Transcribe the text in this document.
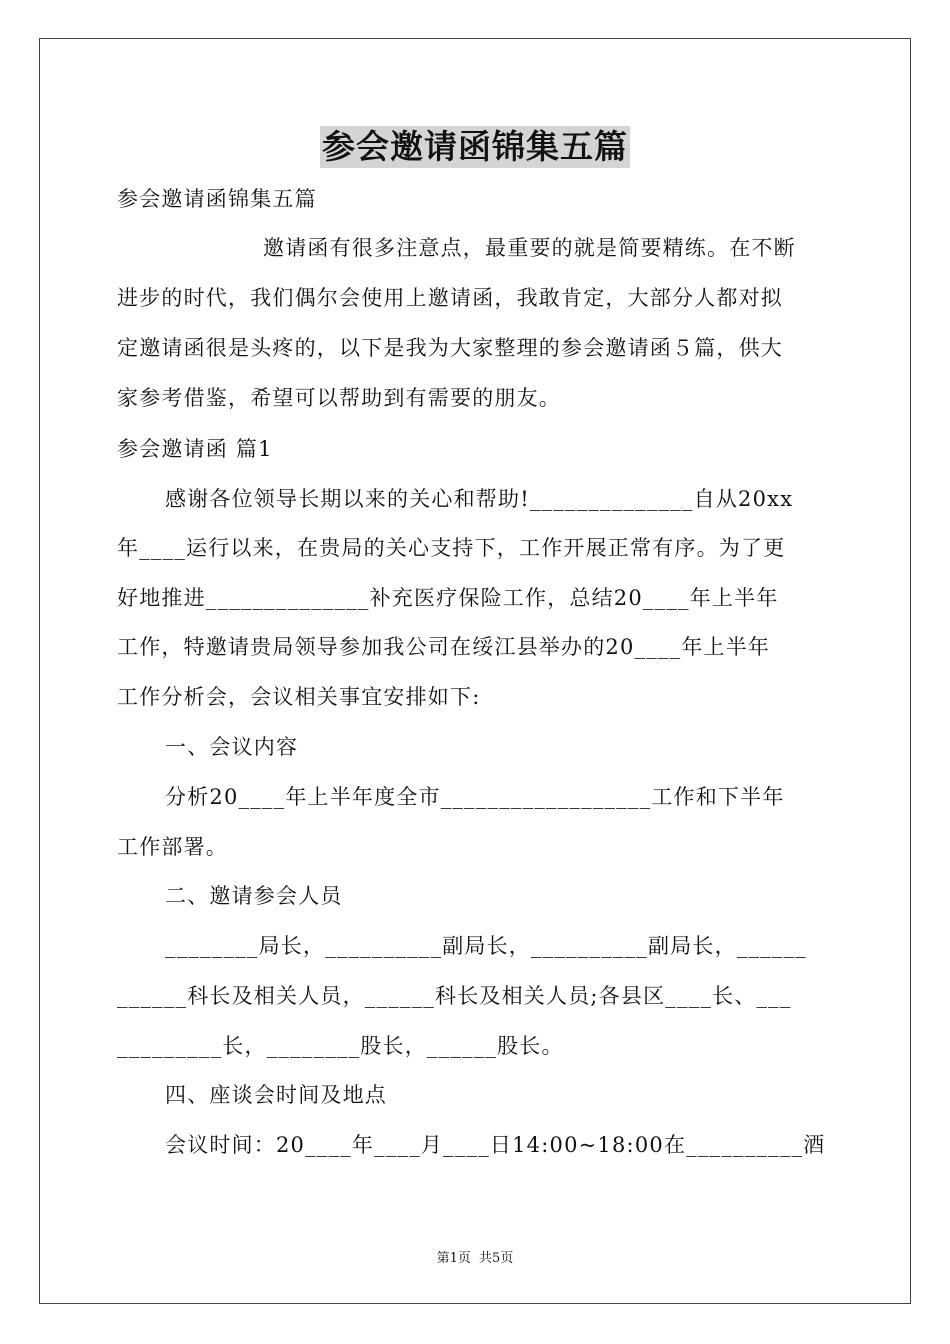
参会邀请函锦集五篇
参会邀请函锦集五篇
邀请函有很多注意点，最重要的就是简要精练。在不断
进步的时代，我们偶尔会使用上邀请函，我敢肯定，大部分人都对拟
定邀请函很是头疼的，以下是我为大家整理的参会邀请函５篇，供大
家参考借鉴，希望可以帮助到有需要的朋友。
参会邀请函 篇1
感谢各位领导长期以来的关心和帮助!______________自从20xx
年____运行以来，在贵局的关心支持下，工作开展正常有序。为了更
好地推进______________补充医疗保险工作，总结20____年上半年
工作，特邀请贵局领导参加我公司在绥江县举办的20____年上半年
工作分析会，会议相关事宜安排如下:
一、会议内容
分析20____年上半年度全市__________________工作和下半年
工作部署。
二、邀请参会人员
________局长，__________副局长，__________副局长，______
______科长及相关人员，______科长及相关人员;各县区____长、___
_________长，________股长，______股长。
四、座谈会时间及地点
会议时间：20____年____月____日14:00~18:00在__________酒
第1页 共5页
